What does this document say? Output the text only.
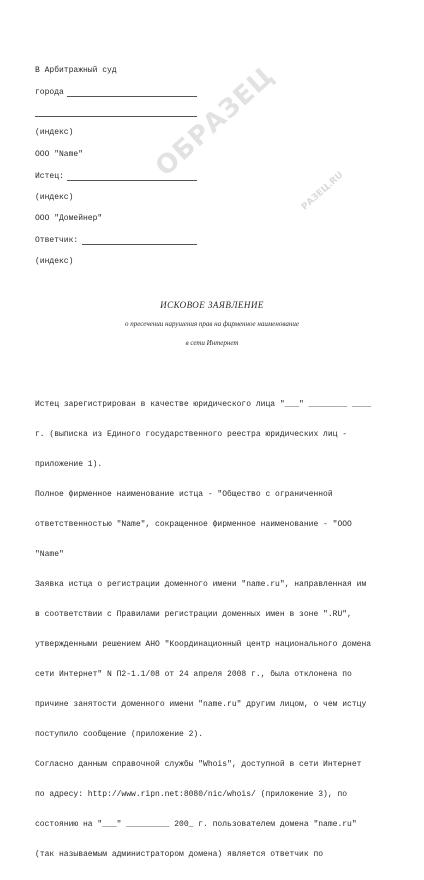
ОБРАЗЕЦ
РАЗЕЦ.RU
В Арбитражный суд
города
(индекс)
ООО "Name"
Истец:
(индекс)
ООО "Домейнер"
Ответчик:
(индекс)
ИСКОВОЕ ЗАЯВЛЕНИЕ
о пресечении нарушения прав на фирменное наименование
в сети Интернет

Истец зарегистрирован в качестве юридического лица "___" ________ ____

г. (выписка из Единого государственного реестра юридических лиц -

приложение 1).

Полное фирменное наименование истца - "Общество с ограниченной

ответственностью "Name", сокращенное фирменное наименование - "ООО

"Name"

Заявка истца о регистрации доменного имени "name.ru", направленная им

в соответствии с Правилами регистрации доменных имен в зоне ".RU",

утвержденными решением АНО "Координационный центр национального домена

сети Интернет" N П2-1.1/08 от 24 апреля 2008 г., была отклонена по

причине занятости доменного имени "name.ru" другим лицом, о чем истцу

поступило сообщение (приложение 2).

Согласно данным справочной службы "Whois", доступной в сети Интернет

по адресу: http://www.ripn.net:8080/nic/whois/ (приложение 3), по

состоянию на "___" _________ 200_ г. пользователем домена "name.ru"

(так называемым администратором домена) является ответчик по
